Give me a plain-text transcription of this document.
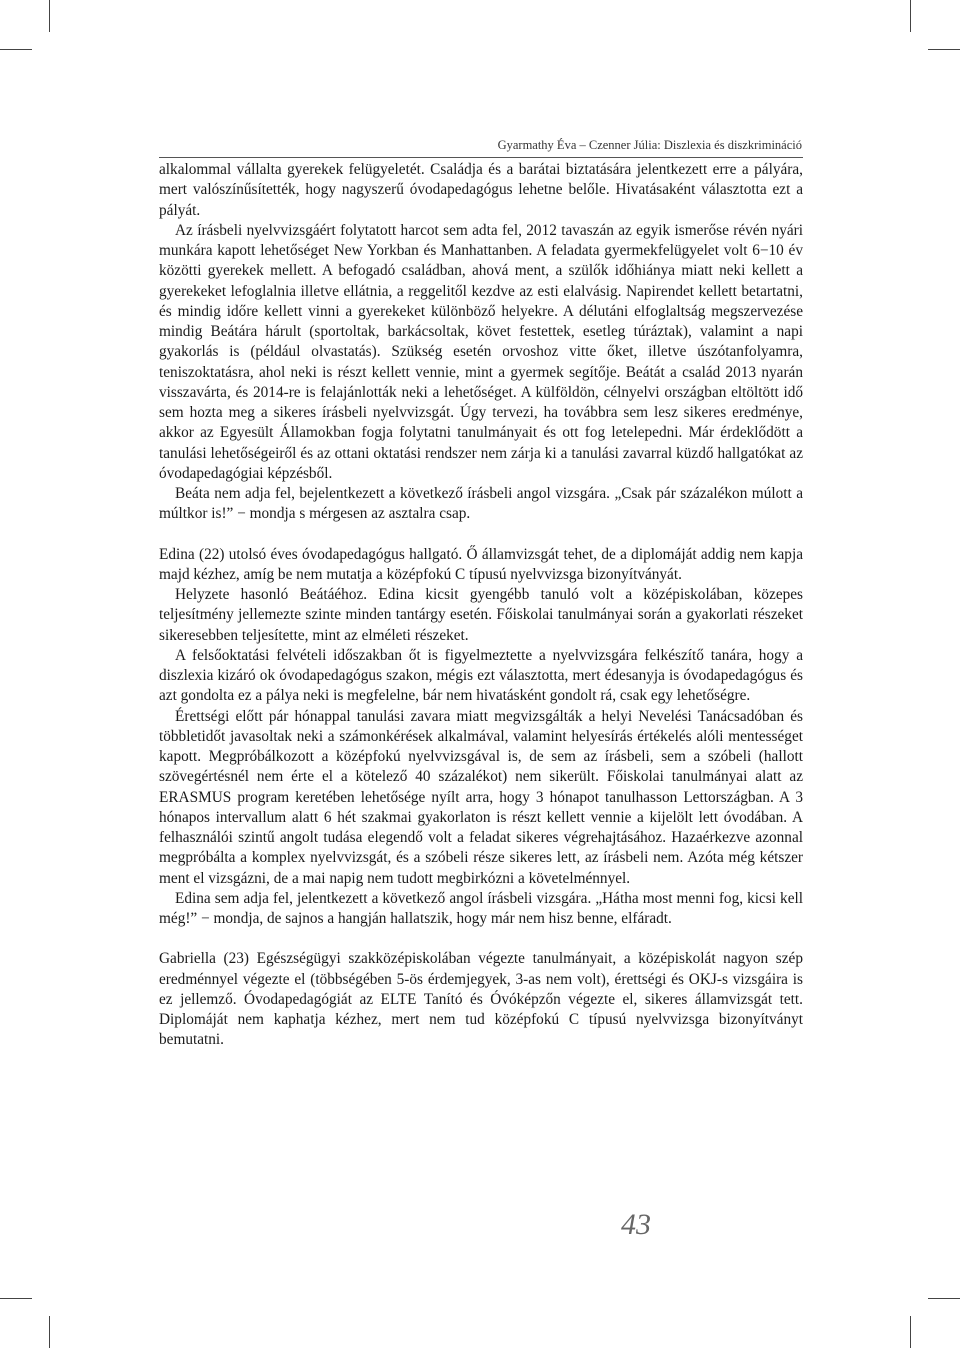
Gyarmathy Éva – Czenner Júlia: Diszlexia és diszkrimináció

alkalommal vállalta gyerekek felügyeletét. Családja és a barátai biztatására jelentkezett erre a pályára, mert valószínűsítették, hogy nagyszerű óvodapedagógus lehetne belőle. Hivatásaként választotta ezt a pályát.

Az írásbeli nyelvvizsgáért folytatott harcot sem adta fel, 2012 tavaszán az egyik ismerőse révén nyári munkára kapott lehetőséget New Yorkban és Manhattanben. A feladata gyermekfelügyelet volt 6−10 év közötti gyerekek mellett. A befogadó családban, ahová ment, a szülők időhiánya miatt neki kellett a gyerekeket lefoglalnia illetve ellátnia, a reggelitől kezdve az esti elalvásig. Napirendet kellett betartatni, és mindig időre kellett vinni a gyerekeket különböző helyekre. A délutáni elfoglaltság megszervezése mindig Beátára hárult (sportoltak, barkácsoltak, követ festettek, esetleg túráztak), valamint a napi gyakorlás is (például olvastatás). Szükség esetén orvoshoz vitte őket, illetve úszótanfolyamra, teniszoktatásra, ahol neki is részt kellett vennie, mint a gyermek segítője. Beátát a család 2013 nyarán visszavárta, és 2014-re is felajánlották neki a lehetőséget. A külföldön, célnyelvi országban eltöltött idő sem hozta meg a sikeres írásbeli nyelvvizsgát. Úgy tervezi, ha továbbra sem lesz sikeres eredménye, akkor az Egyesült Államokban fogja folytatni tanulmányait és ott fog letelepedni. Már érdeklődött a tanulási lehetőségeiről és az ottani oktatási rendszer nem zárja ki a tanulási zavarral küzdő hallgatókat az óvodapedagógiai képzésből.

Beáta nem adja fel, bejelentkezett a következő írásbeli angol vizsgára. „Csak pár százalékon múlott a múltkor is!” − mondja s mérgesen az asztalra csap.

Edina (22) utolsó éves óvodapedagógus hallgató. Ő államvizsgát tehet, de a diplomáját addig nem kapja majd kézhez, amíg be nem mutatja a középfokú C típusú nyelvvizsga bizonyítványát.

Helyzete hasonló Beátáéhoz. Edina kicsit gyengébb tanuló volt a középiskolában, közepes teljesítmény jellemezte szinte minden tantárgy esetén. Főiskolai tanulmányai során a gyakorlati részeket sikeresebben teljesítette, mint az elméleti részeket.

A felsőoktatási felvételi időszakban őt is figyelmeztette a nyelvvizsgára felkészítő tanára, hogy a diszlexia kizáró ok óvodapedagógus szakon, mégis ezt választotta, mert édesanyja is óvodapedagógus és azt gondolta ez a pálya neki is megfelelne, bár nem hivatásként gondolt rá, csak egy lehetőségre.

Érettségi előtt pár hónappal tanulási zavara miatt megvizsgálták a helyi Nevelési Tanácsadóban és többletidőt javasoltak neki a számonkérések alkalmával, valamint helyesírás értékelés alóli mentességet kapott. Megpróbálkozott a középfokú nyelvvizsgával is, de sem az írásbeli, sem a szóbeli (hallott szövegértésnél nem érte el a kötelező 40 százalékot) nem sikerült. Főiskolai tanulmányai alatt az ERASMUS program keretében lehetősége nyílt arra, hogy 3 hónapot tanulhasson Lettországban. A 3 hónapos intervallum alatt 6 hét szakmai gyakorlaton is részt kellett vennie a kijelölt lett óvodában. A felhasználói szintű angolt tudása elegendő volt a feladat sikeres végrehajtásához. Hazaérkezve azonnal megpróbálta a komplex nyelvvizsgát, és a szóbeli része sikeres lett, az írásbeli nem. Azóta még kétszer ment el vizsgázni, de a mai napig nem tudott megbirkózni a követelménnyel.

Edina sem adja fel, jelentkezett a következő angol írásbeli vizsgára. „Hátha most menni fog, kicsi kell még!” − mondja, de sajnos a hangján hallatszik, hogy már nem hisz benne, elfáradt.

Gabriella (23) Egészségügyi szakközépiskolában végezte tanulmányait, a középiskolát nagyon szép eredménnyel végezte el (többségében 5-ös érdemjegyek, 3-as nem volt), érettségi és OKJ-s vizsgáira is ez jellemző. Óvodapedagógiát az ELTE Tanító és Óvóképzőn végezte el, sikeres államvizsgát tett. Diplomáját nem kaphatja kézhez, mert nem tud középfokú C típusú nyelvvizsga bizonyítványt bemutatni.

43
